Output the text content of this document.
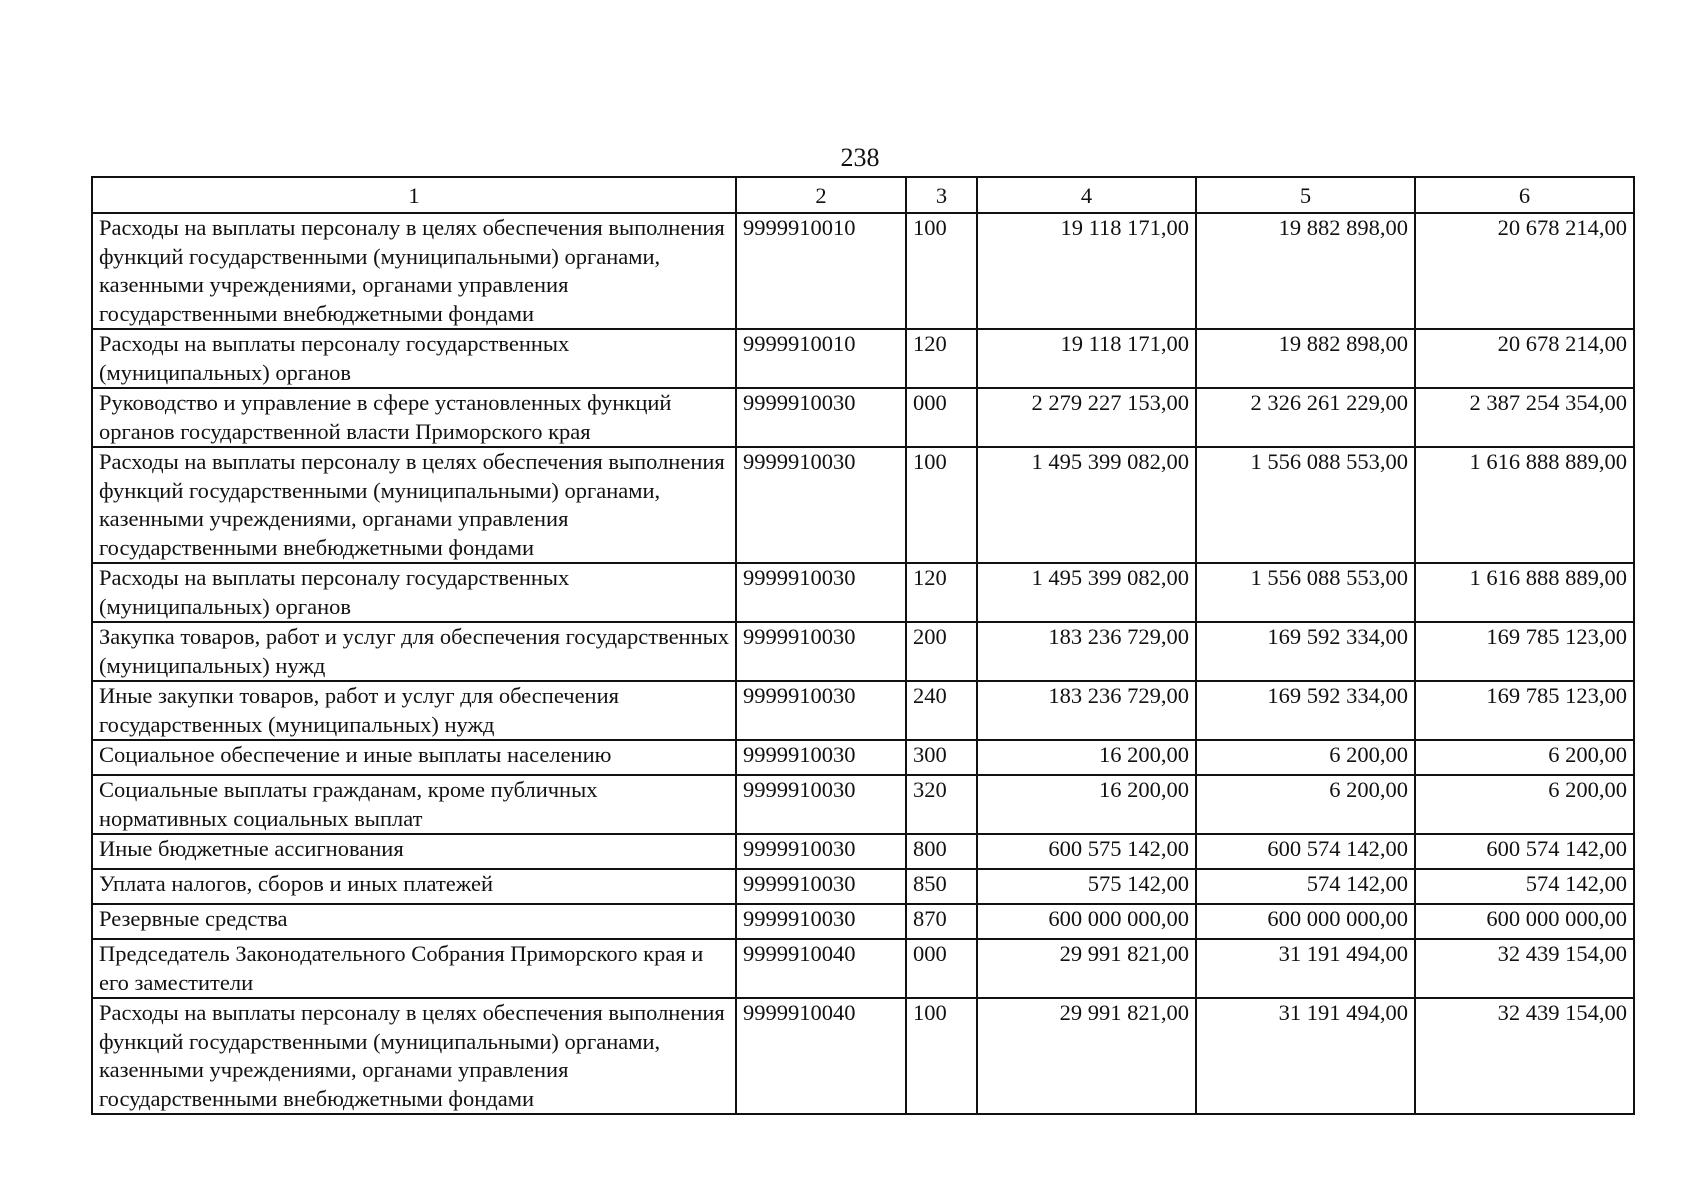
238
1	2	3	4	5	6
Расходы на выплаты персоналу в целях обеспечения выполнения функций государственными (муниципальными) органами, казенными учреждениями, органами управления государственными внебюджетными фондами	9999910010	100	19 118 171,00	19 882 898,00	20 678 214,00
Расходы на выплаты персоналу государственных (муниципальных) органов	9999910010	120	19 118 171,00	19 882 898,00	20 678 214,00
Руководство и управление в сфере установленных функций органов государственной власти Приморского края	9999910030	000	2 279 227 153,00	2 326 261 229,00	2 387 254 354,00
Расходы на выплаты персоналу в целях обеспечения выполнения функций государственными (муниципальными) органами, казенными учреждениями, органами управления государственными внебюджетными фондами	9999910030	100	1 495 399 082,00	1 556 088 553,00	1 616 888 889,00
Расходы на выплаты персоналу государственных (муниципальных) органов	9999910030	120	1 495 399 082,00	1 556 088 553,00	1 616 888 889,00
Закупка товаров, работ и услуг для обеспечения государственных (муниципальных) нужд	9999910030	200	183 236 729,00	169 592 334,00	169 785 123,00
Иные закупки товаров, работ и услуг для обеспечения государственных (муниципальных) нужд	9999910030	240	183 236 729,00	169 592 334,00	169 785 123,00
Социальное обеспечение и иные выплаты населению	9999910030	300	16 200,00	6 200,00	6 200,00
Социальные выплаты гражданам, кроме публичных нормативных социальных выплат	9999910030	320	16 200,00	6 200,00	6 200,00
Иные бюджетные ассигнования	9999910030	800	600 575 142,00	600 574 142,00	600 574 142,00
Уплата налогов, сборов и иных платежей	9999910030	850	575 142,00	574 142,00	574 142,00
Резервные средства	9999910030	870	600 000 000,00	600 000 000,00	600 000 000,00
Председатель Законодательного Собрания Приморского края и его заместители	9999910040	000	29 991 821,00	31 191 494,00	32 439 154,00
Расходы на выплаты персоналу в целях обеспечения выполнения функций государственными (муниципальными) органами, казенными учреждениями, органами управления государственными внебюджетными фондами	9999910040	100	29 991 821,00	31 191 494,00	32 439 154,00
